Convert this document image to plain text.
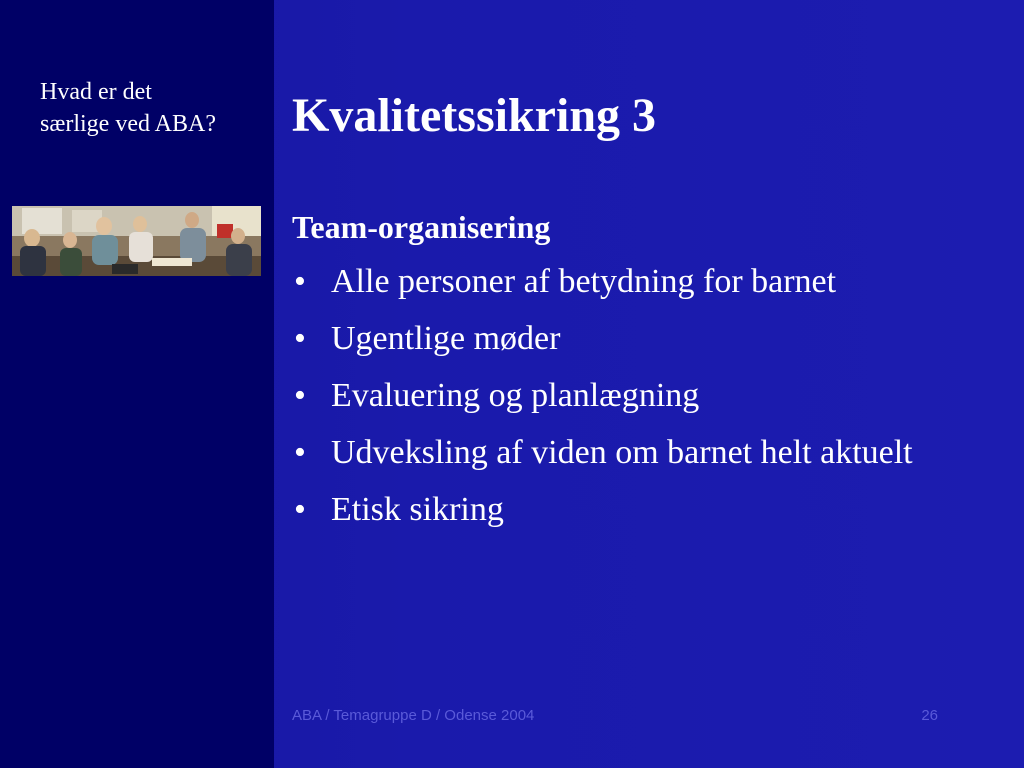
Hvad er det
særlige ved ABA?	Kvalitetssikring 3
Team-organisering
• Alle personer af betydning for barnet
• Ugentlige møder
• Evaluering og planlægning
• Udveksling af viden om barnet helt aktuelt
• Etisk sikring
ABA / Temagruppe D / Odense 2004	26
